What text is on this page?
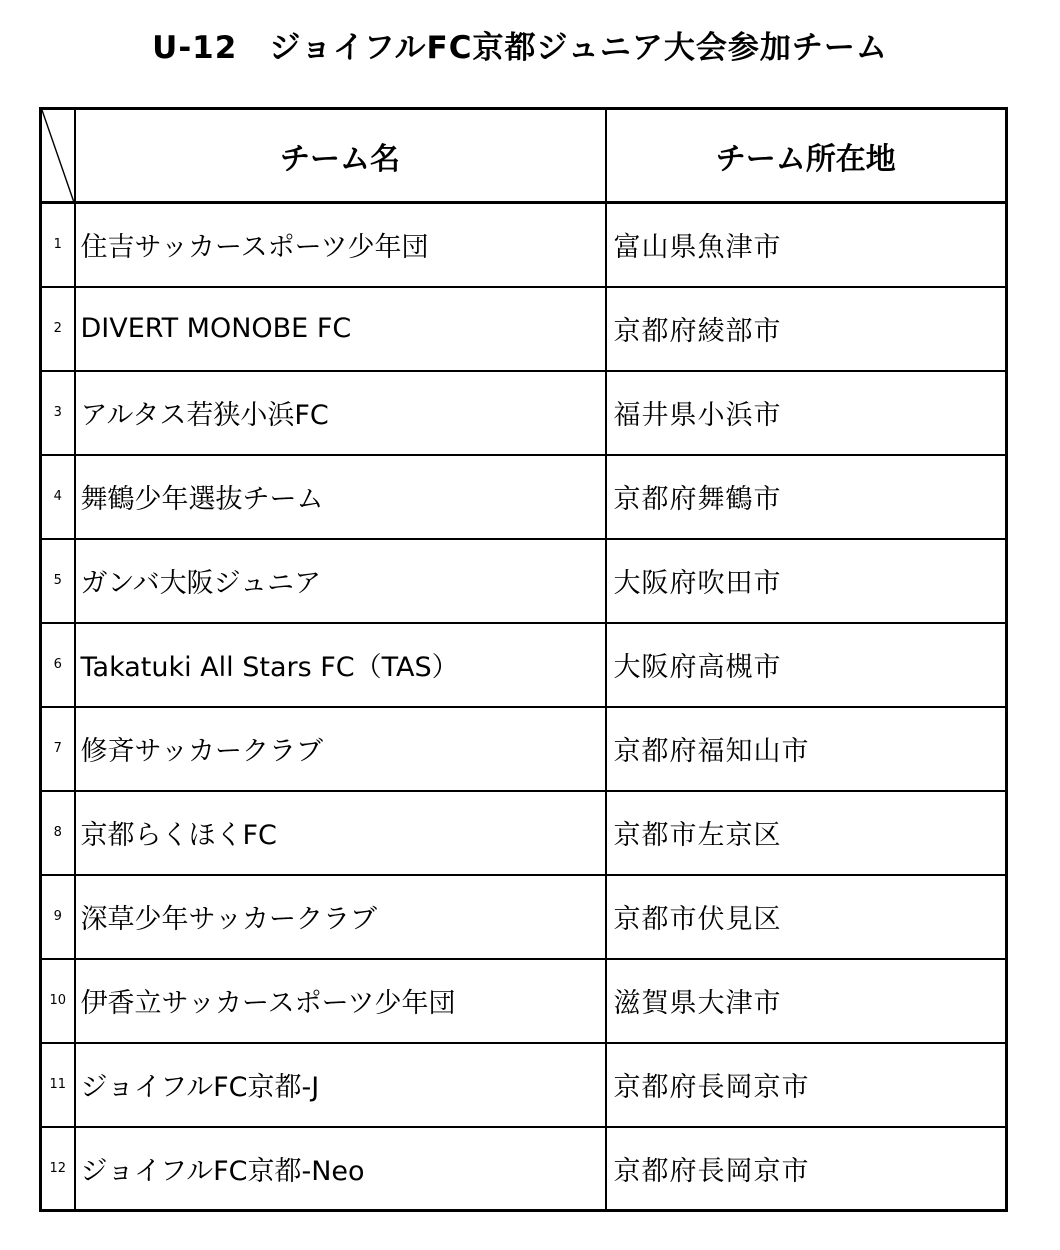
U-12　ジョイフルFC京都ジュニア大会参加チーム
	チーム名	チーム所在地
1	住吉サッカースポーツ少年団	富山県魚津市
2	DIVERT MONOBE FC	京都府綾部市
3	アルタス若狭小浜FC	福井県小浜市
4	舞鶴少年選抜チーム	京都府舞鶴市
5	ガンバ大阪ジュニア	大阪府吹田市
6	Takatuki All Stars FC（TAS）	大阪府高槻市
7	修斉サッカークラブ	京都府福知山市
8	京都らくほくFC	京都市左京区
9	深草少年サッカークラブ	京都市伏見区
10	伊香立サッカースポーツ少年団	滋賀県大津市
11	ジョイフルFC京都-J	京都府長岡京市
12	ジョイフルFC京都-Neo	京都府長岡京市
